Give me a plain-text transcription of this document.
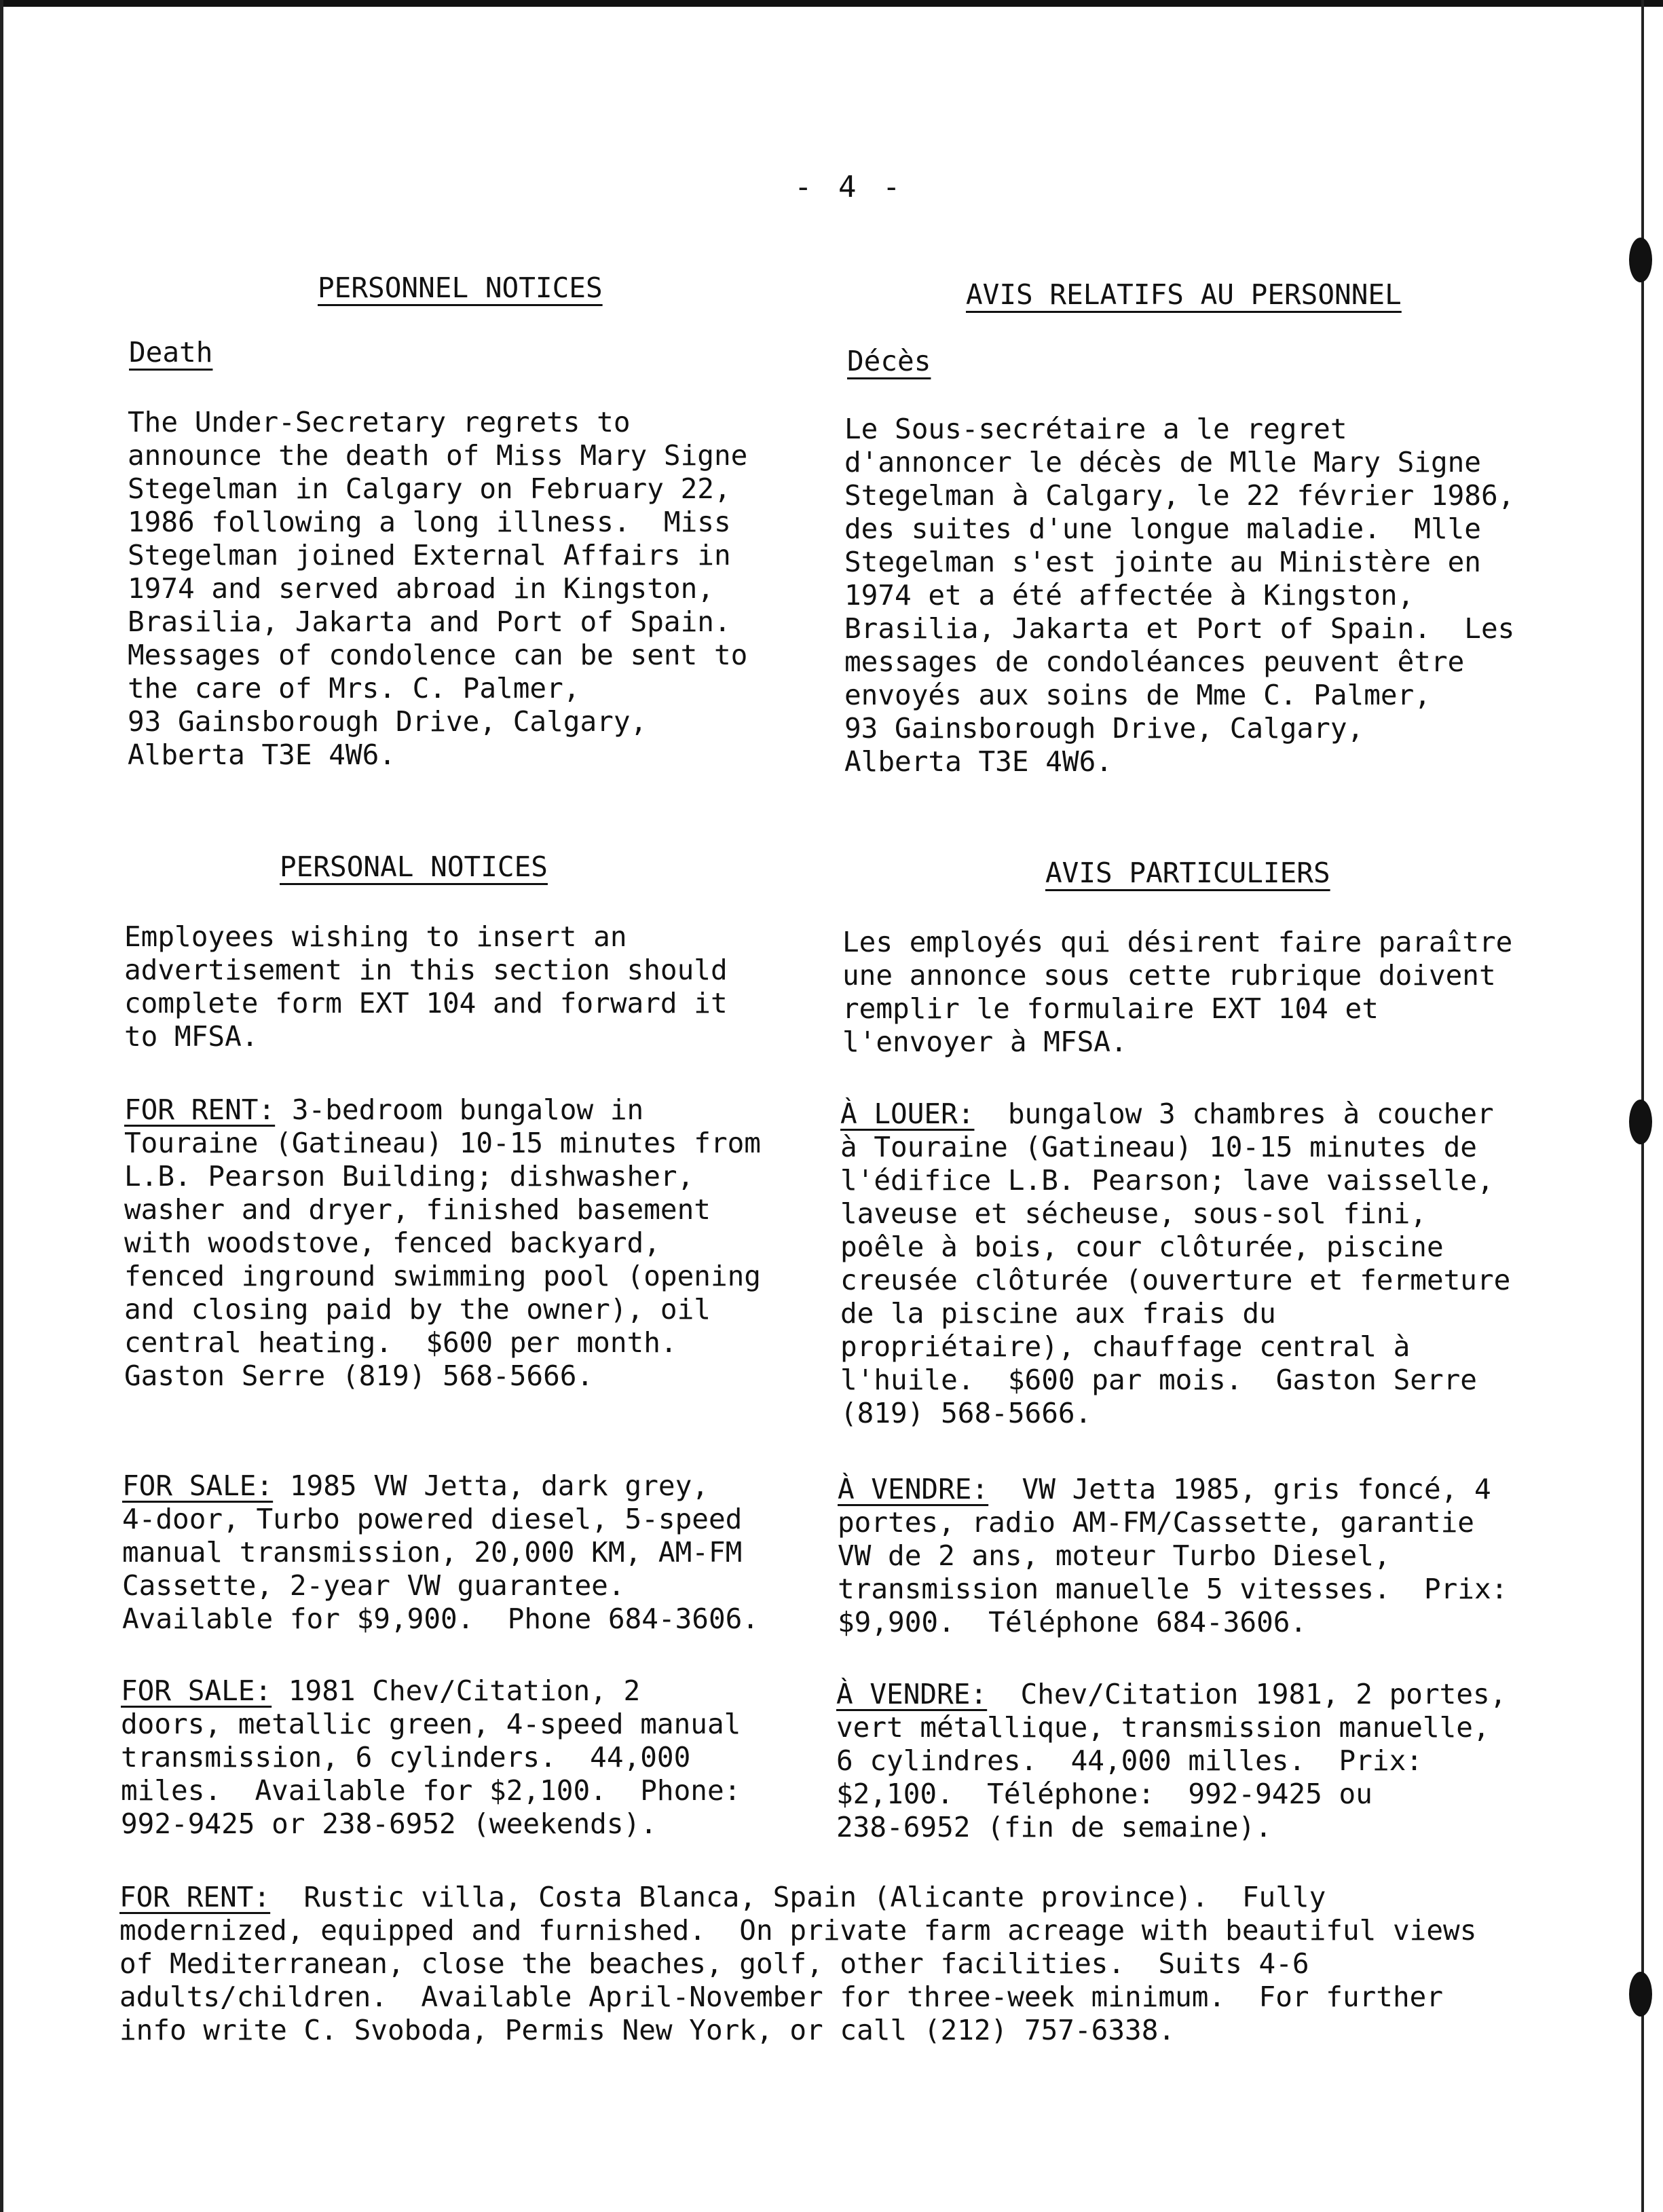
- 4 -
PERSONNEL NOTICES
Death
The Under-Secretary regrets to
announce the death of Miss Mary Signe
Stegelman in Calgary on February 22,
1986 following a long illness.  Miss
Stegelman joined External Affairs in
1974 and served abroad in Kingston,
Brasilia, Jakarta and Port of Spain.
Messages of condolence can be sent to
the care of Mrs. C. Palmer,
93 Gainsborough Drive, Calgary,
Alberta T3E 4W6.
PERSONAL NOTICES
Employees wishing to insert an
advertisement in this section should
complete form EXT 104 and forward it
to MFSA.
FOR RENT: 3-bedroom bungalow in
Touraine (Gatineau) 10-15 minutes from
L.B. Pearson Building; dishwasher,
washer and dryer, finished basement
with woodstove, fenced backyard,
fenced inground swimming pool (opening
and closing paid by the owner), oil
central heating.  $600 per month.
Gaston Serre (819) 568-5666.
FOR SALE: 1985 VW Jetta, dark grey,
4-door, Turbo powered diesel, 5-speed
manual transmission, 20,000 KM, AM-FM
Cassette, 2-year VW guarantee.
Available for $9,900.  Phone 684-3606.
FOR SALE: 1981 Chev/Citation, 2
doors, metallic green, 4-speed manual
transmission, 6 cylinders.  44,000
miles.  Available for $2,100.  Phone:
992-9425 or 238-6952 (weekends).
AVIS RELATIFS AU PERSONNEL
Décès
Le Sous-secrétaire a le regret
d'annoncer le décès de Mlle Mary Signe
Stegelman à Calgary, le 22 février 1986,
des suites d'une longue maladie.  Mlle
Stegelman s'est jointe au Ministère en
1974 et a été affectée à Kingston,
Brasilia, Jakarta et Port of Spain.  Les
messages de condoléances peuvent être
envoyés aux soins de Mme C. Palmer,
93 Gainsborough Drive, Calgary,
Alberta T3E 4W6.
AVIS PARTICULIERS
Les employés qui désirent faire paraître
une annonce sous cette rubrique doivent
remplir le formulaire EXT 104 et
l'envoyer à MFSA.
À LOUER:  bungalow 3 chambres à coucher
à Touraine (Gatineau) 10-15 minutes de
l'édifice L.B. Pearson; lave vaisselle,
laveuse et sécheuse, sous-sol fini,
poêle à bois, cour clôturée, piscine
creusée clôturée (ouverture et fermeture
de la piscine aux frais du
propriétaire), chauffage central à
l'huile.  $600 par mois.  Gaston Serre
(819) 568-5666.
À VENDRE:  VW Jetta 1985, gris foncé, 4
portes, radio AM-FM/Cassette, garantie
VW de 2 ans, moteur Turbo Diesel,
transmission manuelle 5 vitesses.  Prix:
$9,900.  Téléphone 684-3606.
À VENDRE:  Chev/Citation 1981, 2 portes,
vert métallique, transmission manuelle,
6 cylindres.  44,000 milles.  Prix:
$2,100.  Téléphone:  992-9425 ou
238-6952 (fin de semaine).
FOR RENT:  Rustic villa, Costa Blanca, Spain (Alicante province).  Fully
modernized, equipped and furnished.  On private farm acreage with beautiful views
of Mediterranean, close the beaches, golf, other facilities.  Suits 4-6
adults/children.  Available April-November for three-week minimum.  For further
info write C. Svoboda, Permis New York, or call (212) 757-6338.
